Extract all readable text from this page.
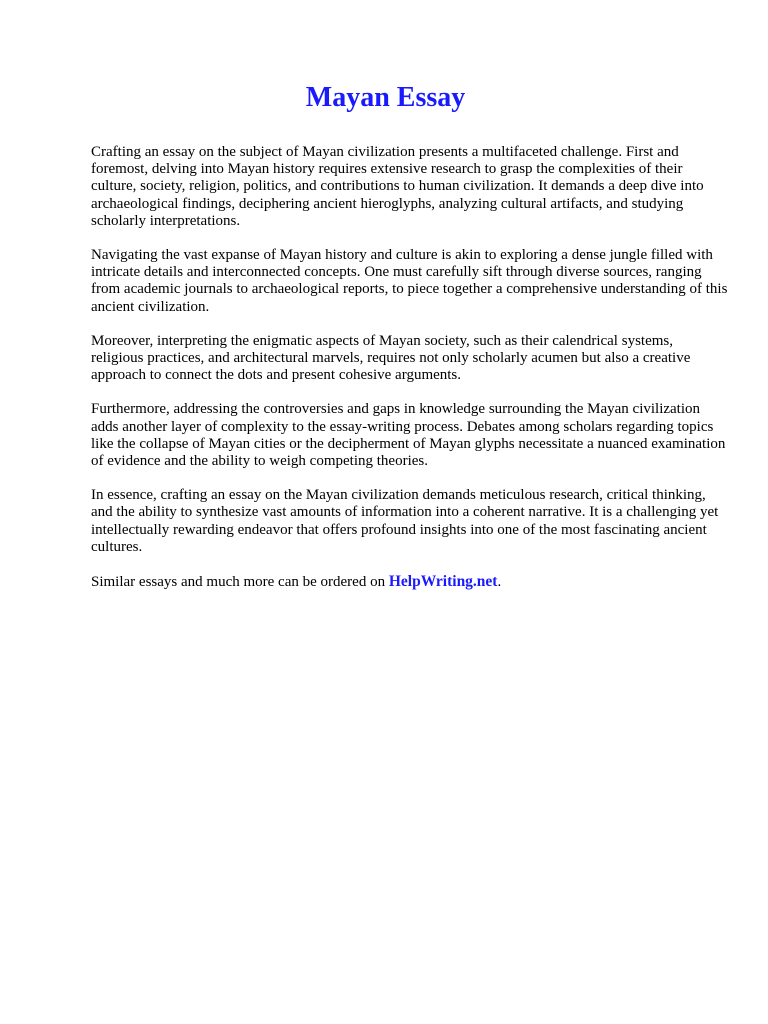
Mayan Essay

Crafting an essay on the subject of Mayan civilization presents a multifaceted challenge. First and foremost, delving into Mayan history requires extensive research to grasp the complexities of their culture, society, religion, politics, and contributions to human civilization. It demands a deep dive into archaeological findings, deciphering ancient hieroglyphs, analyzing cultural artifacts, and studying scholarly interpretations.

Navigating the vast expanse of Mayan history and culture is akin to exploring a dense jungle filled with intricate details and interconnected concepts. One must carefully sift through diverse sources, ranging from academic journals to archaeological reports, to piece together a comprehensive understanding of this ancient civilization.

Moreover, interpreting the enigmatic aspects of Mayan society, such as their calendrical systems, religious practices, and architectural marvels, requires not only scholarly acumen but also a creative approach to connect the dots and present cohesive arguments.

Furthermore, addressing the controversies and gaps in knowledge surrounding the Mayan civilization adds another layer of complexity to the essay-writing process. Debates among scholars regarding topics like the collapse of Mayan cities or the decipherment of Mayan glyphs necessitate a nuanced examination of evidence and the ability to weigh competing theories.

In essence, crafting an essay on the Mayan civilization demands meticulous research, critical thinking, and the ability to synthesize vast amounts of information into a coherent narrative. It is a challenging yet intellectually rewarding endeavor that offers profound insights into one of the most fascinating ancient cultures.

Similar essays and much more can be ordered on HelpWriting.net.
